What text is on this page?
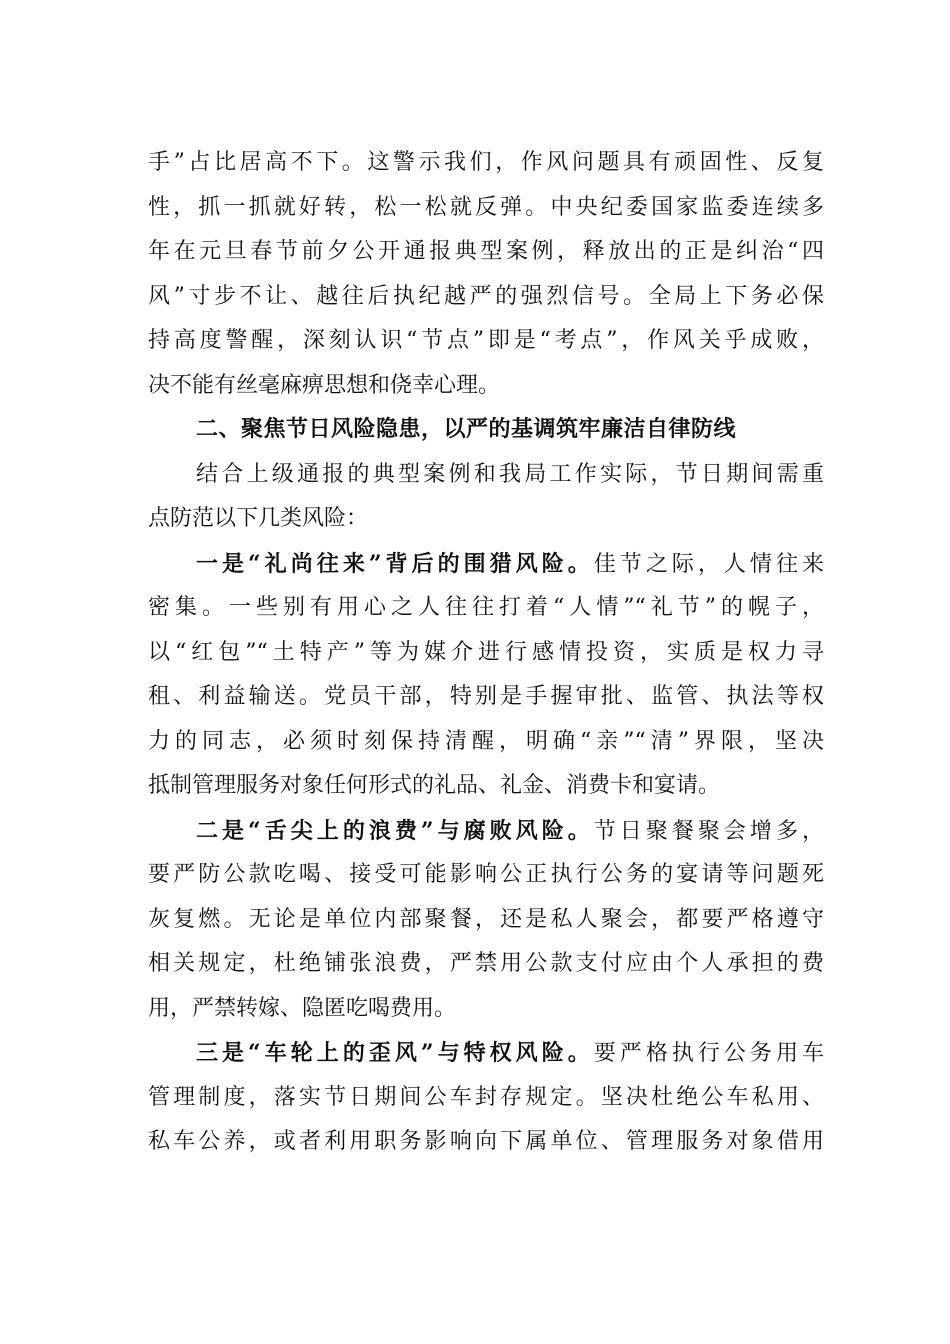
手”占比居高不下。这警示我们，作风问题具有顽固性、反复
性，抓一抓就好转，松一松就反弹。中央纪委国家监委连续多
年在元旦春节前夕公开通报典型案例，释放出的正是纠治“四
风”寸步不让、越往后执纪越严的强烈信号。全局上下务必保
持高度警醒，深刻认识“节点”即是“考点”，作风关乎成败，
决不能有丝毫麻痹思想和侥幸心理。
二、聚焦节日风险隐患，以严的基调筑牢廉洁自律防线
结合上级通报的典型案例和我局工作实际，节日期间需重
点防范以下几类风险：
一是“礼尚往来”背后的围猎风险。佳节之际，人情往来
密集。一些别有用心之人往往打着“人情”“礼节”的幌子，
以“红包”“土特产”等为媒介进行感情投资，实质是权力寻
租、利益输送。党员干部，特别是手握审批、监管、执法等权
力的同志，必须时刻保持清醒，明确“亲”“清”界限，坚决
抵制管理服务对象任何形式的礼品、礼金、消费卡和宴请。
二是“舌尖上的浪费”与腐败风险。节日聚餐聚会增多，
要严防公款吃喝、接受可能影响公正执行公务的宴请等问题死
灰复燃。无论是单位内部聚餐，还是私人聚会，都要严格遵守
相关规定，杜绝铺张浪费，严禁用公款支付应由个人承担的费
用，严禁转嫁、隐匿吃喝费用。
三是“车轮上的歪风”与特权风险。要严格执行公务用车
管理制度，落实节日期间公车封存规定。坚决杜绝公车私用、
私车公养，或者利用职务影响向下属单位、管理服务对象借用
